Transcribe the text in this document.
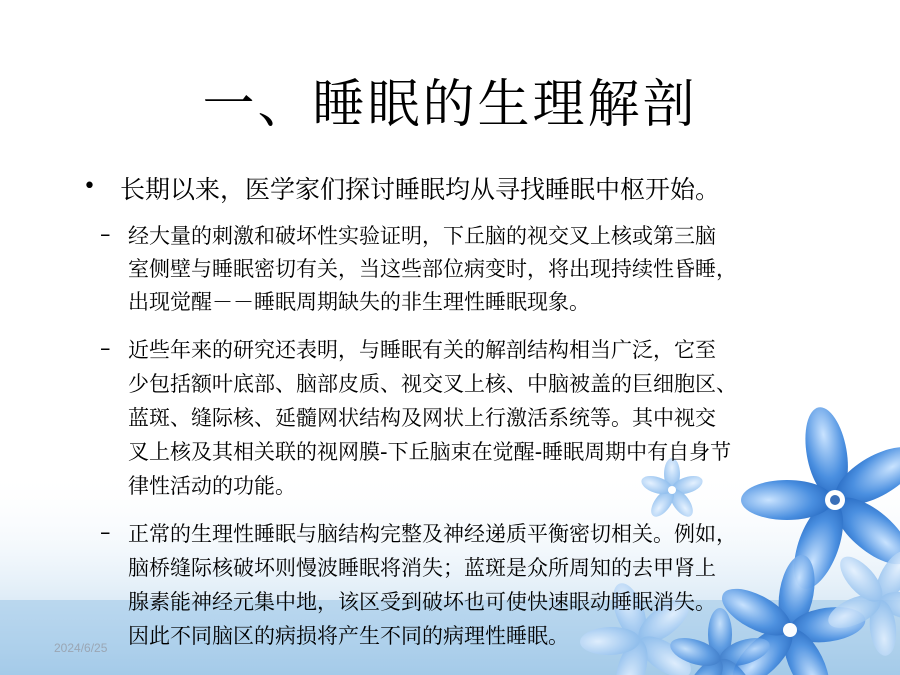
一、睡眠的生理解剖
• 长期以来，医学家们探讨睡眠均从寻找睡眠中枢开始。
– 经大量的刺激和破坏性实验证明，下丘脑的视交叉上核或第三脑
室侧壁与睡眠密切有关，当这些部位病变时，将出现持续性昏睡，
出现觉醒－－睡眠周期缺失的非生理性睡眠现象。
– 近些年来的研究还表明，与睡眠有关的解剖结构相当广泛，它至
少包括额叶底部、脑部皮质、视交叉上核、中脑被盖的巨细胞区、
蓝斑、缝际核、延髓网状结构及网状上行激活系统等。其中视交
叉上核及其相关联的视网膜-下丘脑束在觉醒-睡眠周期中有自身节
律性活动的功能。
– 正常的生理性睡眠与脑结构完整及神经递质平衡密切相关。例如，
脑桥缝际核破坏则慢波睡眠将消失；蓝斑是众所周知的去甲肾上
腺素能神经元集中地，该区受到破坏也可使快速眼动睡眠消失。
因此不同脑区的病损将产生不同的病理性睡眠。
2024/6/25
